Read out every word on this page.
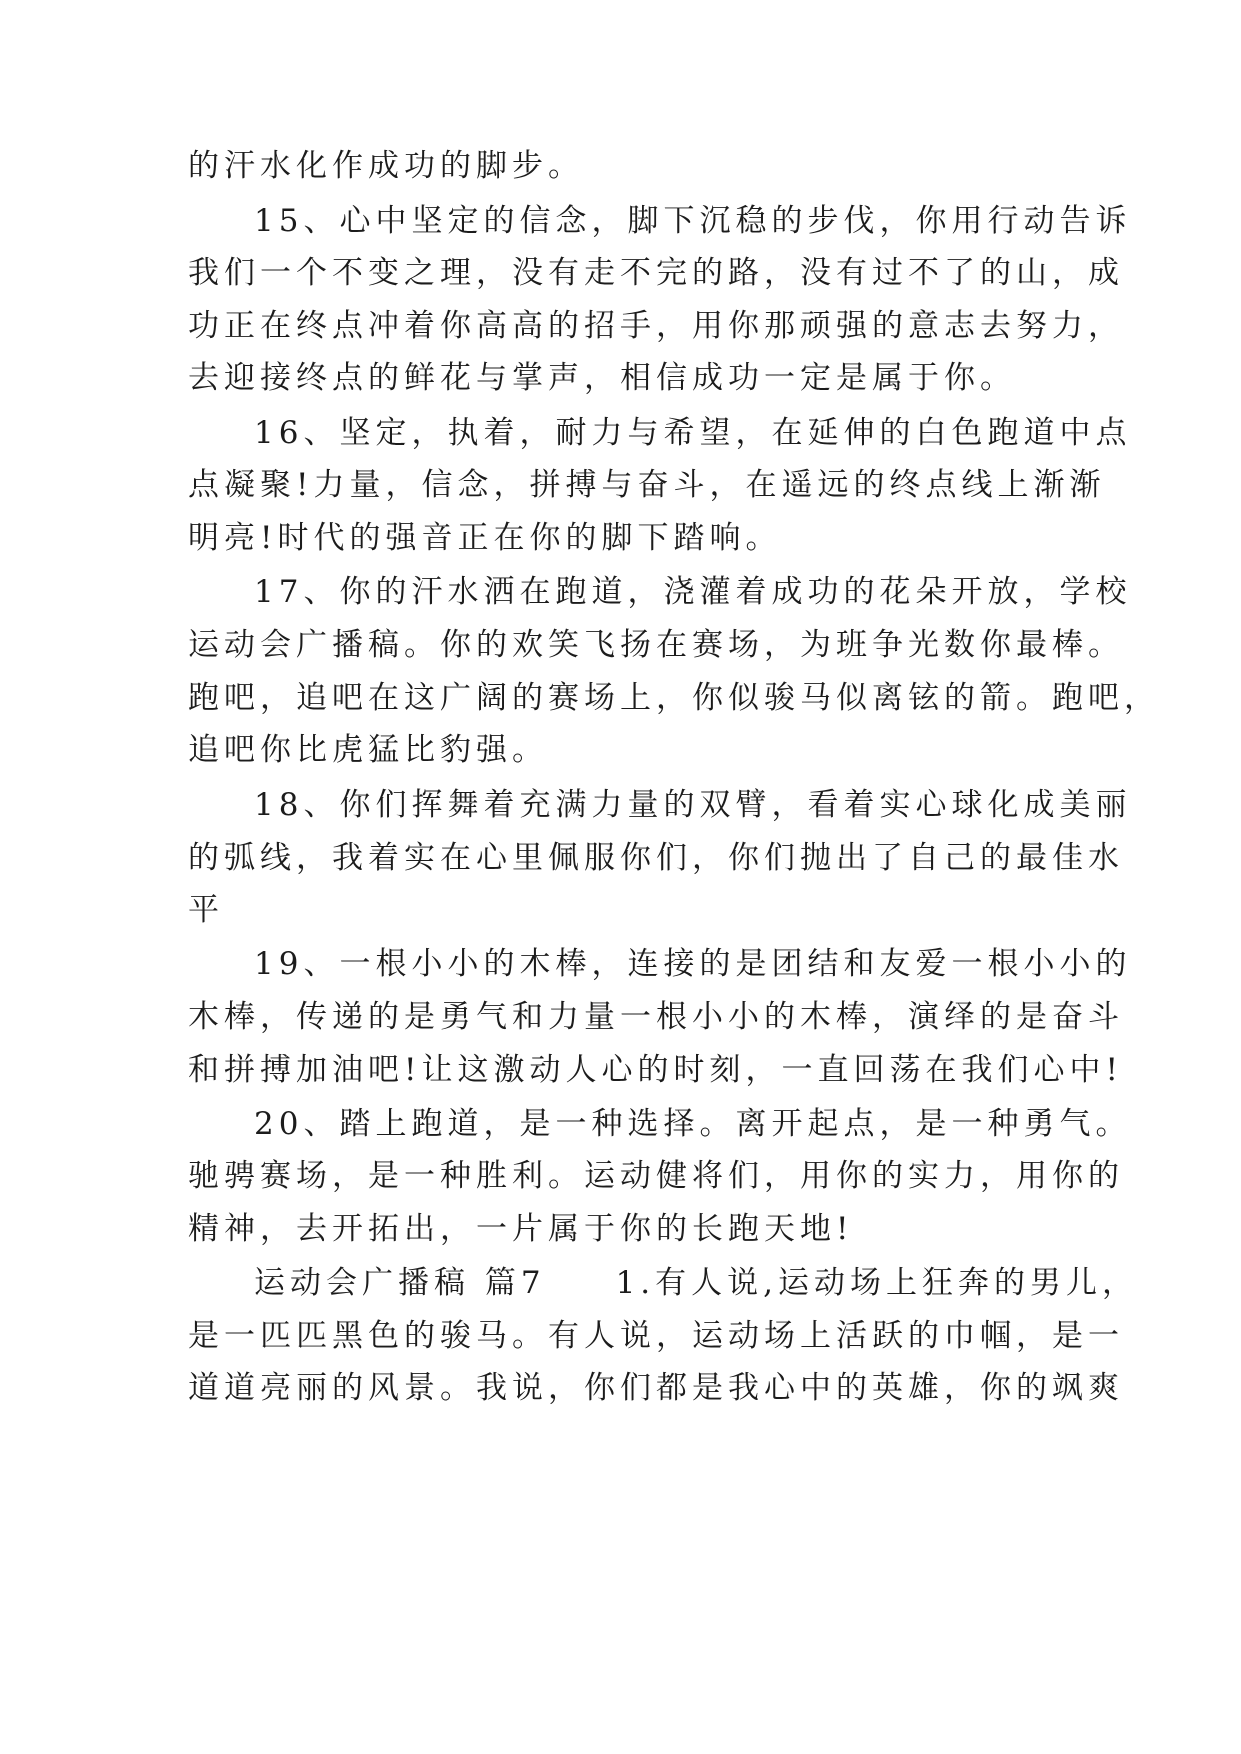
的汗水化作成功的脚步。
15、心中坚定的信念，脚下沉稳的步伐，你用行动告诉
我们一个不变之理，没有走不完的路，没有过不了的山，成
功正在终点冲着你高高的招手，用你那顽强的意志去努力，
去迎接终点的鲜花与掌声，相信成功一定是属于你。
16、坚定，执着，耐力与希望，在延伸的白色跑道中点
点凝聚!力量，信念，拼搏与奋斗，在遥远的终点线上渐渐
明亮!时代的强音正在你的脚下踏响。
17、你的汗水洒在跑道，浇灌着成功的花朵开放，学校
运动会广播稿。你的欢笑飞扬在赛场，为班争光数你最棒。
跑吧，追吧在这广阔的赛场上，你似骏马似离铉的箭。跑吧，
追吧你比虎猛比豹强。
18、你们挥舞着充满力量的双臂，看着实心球化成美丽
的弧线，我着实在心里佩服你们，你们抛出了自己的最佳水
平
19、一根小小的木棒，连接的是团结和友爱一根小小的
木棒，传递的是勇气和力量一根小小的木棒，演绎的是奋斗
和拼搏加油吧!让这激动人心的时刻，一直回荡在我们心中!
20、踏上跑道，是一种选择。离开起点，是一种勇气。
驰骋赛场，是一种胜利。运动健将们，用你的实力，用你的
精神，去开拓出，一片属于你的长跑天地!
运动会广播稿 篇7 1.有人说,运动场上狂奔的男儿，
是一匹匹黑色的骏马。有人说，运动场上活跃的巾帼，是一
道道亮丽的风景。我说，你们都是我心中的英雄，你的飒爽
